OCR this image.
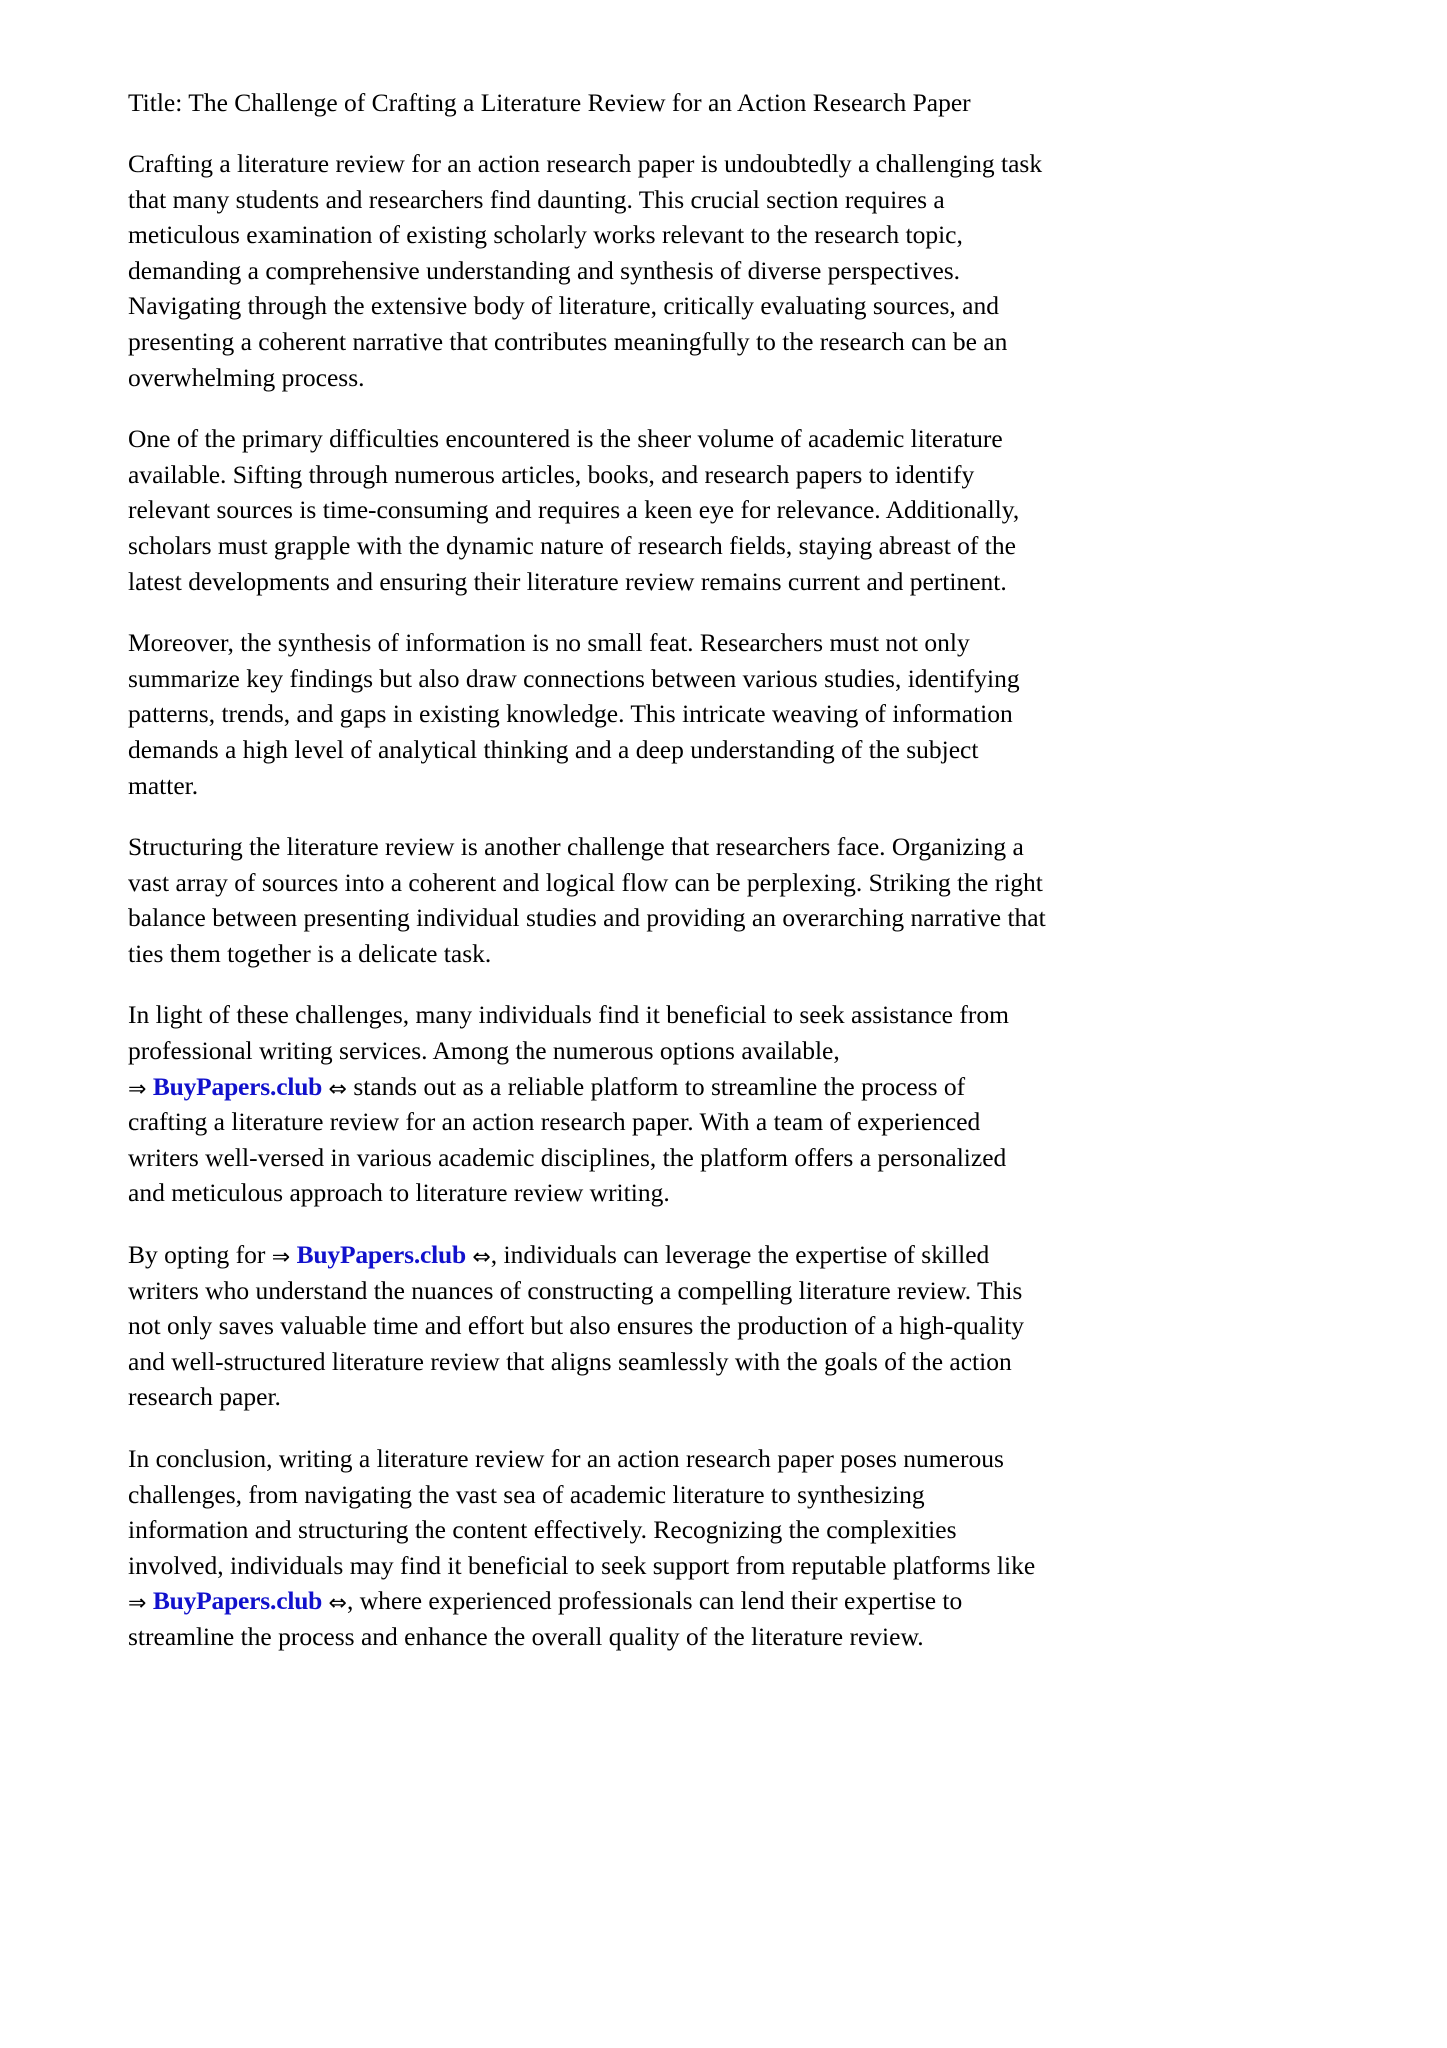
Title: The Challenge of Crafting a Literature Review for an Action Research Paper

Crafting a literature review for an action research paper is undoubtedly a challenging task that many students and researchers find daunting. This crucial section requires a meticulous examination of existing scholarly works relevant to the research topic, demanding a comprehensive understanding and synthesis of diverse perspectives. Navigating through the extensive body of literature, critically evaluating sources, and presenting a coherent narrative that contributes meaningfully to the research can be an overwhelming process.

One of the primary difficulties encountered is the sheer volume of academic literature available. Sifting through numerous articles, books, and research papers to identify relevant sources is time-consuming and requires a keen eye for relevance. Additionally, scholars must grapple with the dynamic nature of research fields, staying abreast of the latest developments and ensuring their literature review remains current and pertinent.

Moreover, the synthesis of information is no small feat. Researchers must not only summarize key findings but also draw connections between various studies, identifying patterns, trends, and gaps in existing knowledge. This intricate weaving of information demands a high level of analytical thinking and a deep understanding of the subject matter.

Structuring the literature review is another challenge that researchers face. Organizing a vast array of sources into a coherent and logical flow can be perplexing. Striking the right balance between presenting individual studies and providing an overarching narrative that ties them together is a delicate task.

In light of these challenges, many individuals find it beneficial to seek assistance from professional writing services. Among the numerous options available, ⇒ BuyPapers.club ⇔ stands out as a reliable platform to streamline the process of crafting a literature review for an action research paper. With a team of experienced writers well-versed in various academic disciplines, the platform offers a personalized and meticulous approach to literature review writing.

By opting for ⇒ BuyPapers.club ⇔, individuals can leverage the expertise of skilled writers who understand the nuances of constructing a compelling literature review. This not only saves valuable time and effort but also ensures the production of a high-quality and well-structured literature review that aligns seamlessly with the goals of the action research paper.

In conclusion, writing a literature review for an action research paper poses numerous challenges, from navigating the vast sea of academic literature to synthesizing information and structuring the content effectively. Recognizing the complexities involved, individuals may find it beneficial to seek support from reputable platforms like ⇒ BuyPapers.club ⇔, where experienced professionals can lend their expertise to streamline the process and enhance the overall quality of the literature review.
